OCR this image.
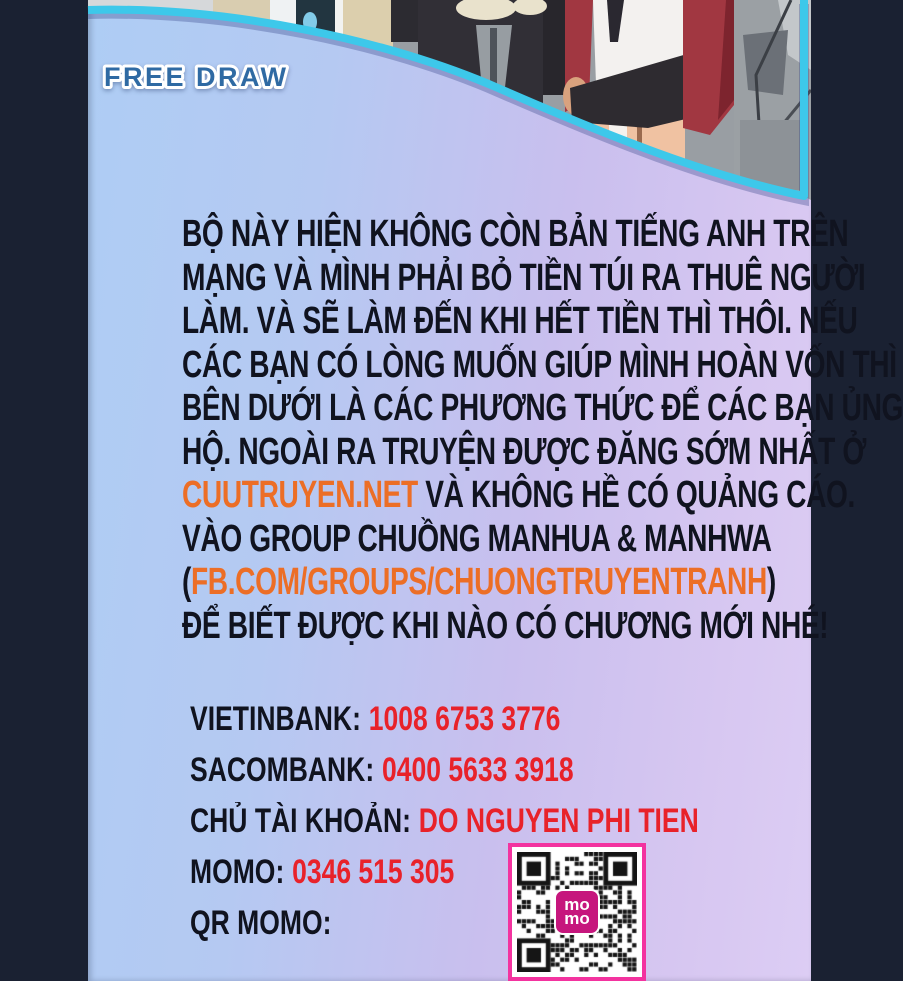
FREE DRAW
BỘ NÀY HIỆN KHÔNG CÒN BẢN TIẾNG ANH TRÊN
MẠNG VÀ MÌNH PHẢI BỎ TIỀN TÚI RA THUÊ NGƯỜI
LÀM. VÀ SẼ LÀM ĐẾN KHI HẾT TIỀN THÌ THÔI. NẾU
CÁC BẠN CÓ LÒNG MUỐN GIÚP MÌNH HOÀN VỐN THÌ
BÊN DƯỚI LÀ CÁC PHƯƠNG THỨC ĐỂ CÁC BẠN ỦNG
HỘ. NGOÀI RA TRUYỆN ĐƯỢC ĐĂNG SỚM NHẤT Ở
CUUTRUYEN.NET VÀ KHÔNG HỀ CÓ QUẢNG CÁO.
VÀO GROUP CHUỒNG MANHUA & MANHWA
(FB.COM/GROUPS/CHUONGTRUYENTRANH)
ĐỂ BIẾT ĐƯỢC KHI NÀO CÓ CHƯƠNG MỚI NHÉ!
VIETINBANK: 1008 6753 3776
SACOMBANK: 0400 5633 3918
CHỦ TÀI KHOẢN: DO NGUYEN PHI TIEN
MOMO: 0346 515 305
QR MOMO:	mo
mo
